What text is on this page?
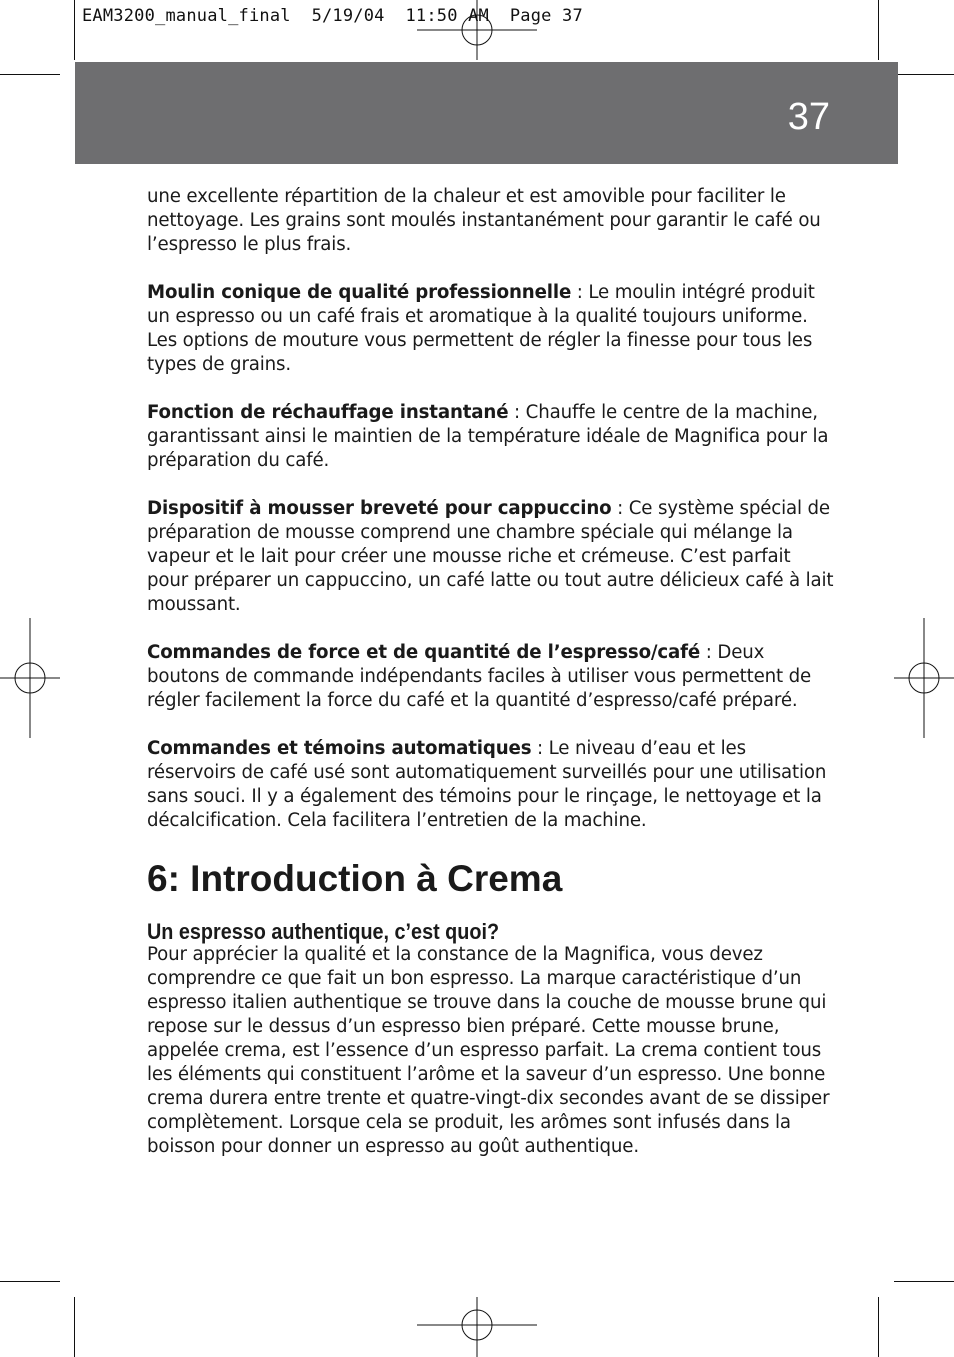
EAM3200_manual_final  5/19/04  11:50 AM  Page 37
37

une excellente répartition de la chaleur et est amovible pour faciliter le nettoyage. Les grains sont moulés instantanément pour garantir le café ou l’espresso le plus frais.

Moulin conique de qualité professionnelle : Le moulin intégré produit un espresso ou un café frais et aromatique à la qualité toujours uniforme. Les options de mouture vous permettent de régler la finesse pour tous les types de grains.

Fonction de réchauffage instantané : Chauffe le centre de la machine, garantissant ainsi le maintien de la température idéale de Magnifica pour la préparation du café.

Dispositif à mousser breveté pour cappuccino : Ce système spécial de préparation de mousse comprend une chambre spéciale qui mélange la vapeur et le lait pour créer une mousse riche et crémeuse. C’est parfait pour préparer un cappuccino, un café latte ou tout autre délicieux café à lait moussant.

Commandes de force et de quantité de l’espresso/café : Deux boutons de commande indépendants faciles à utiliser vous permettent de régler facilement la force du café et la quantité d’espresso/café préparé.

Commandes et témoins automatiques : Le niveau d’eau et les réservoirs de café usé sont automatiquement surveillés pour une utilisation sans souci. Il y a également des témoins pour le rinçage, le nettoyage et la décalcification. Cela facilitera l’entretien de la machine.

6: Introduction à Crema
Un espresso authentique, c’est quoi?

Pour apprécier la qualité et la constance de la Magnifica, vous devez comprendre ce que fait un bon espresso. La marque caractéristique d’un espresso italien authentique se trouve dans la couche de mousse brune qui repose sur le dessus d’un espresso bien préparé. Cette mousse brune, appelée crema, est l’essence d’un espresso parfait. La crema contient tous les éléments qui constituent l’arôme et la saveur d’un espresso. Une bonne crema durera entre trente et quatre-vingt-dix secondes avant de se dissiper complètement. Lorsque cela se produit, les arômes sont infusés dans la boisson pour donner un espresso au goût authentique.
